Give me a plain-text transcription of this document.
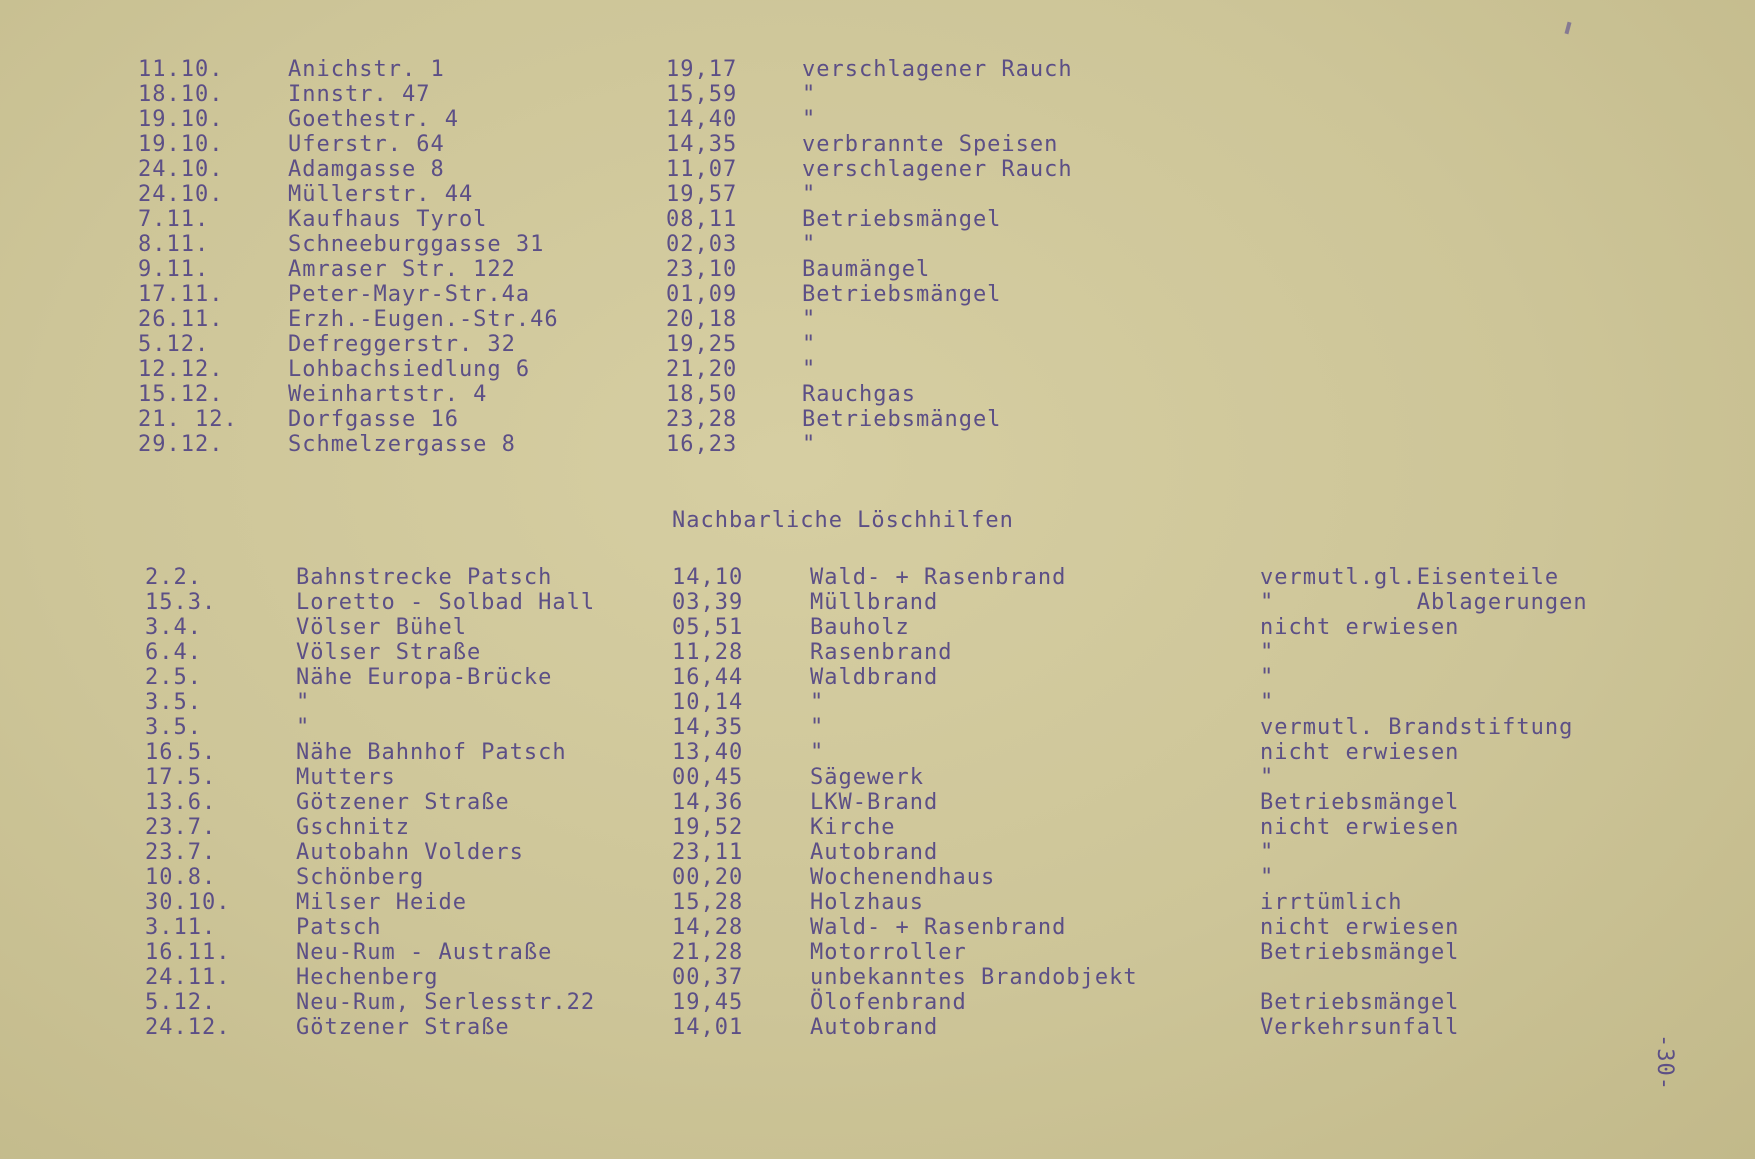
11.10.	Anichstr. 1	19,17	verschlagener Rauch
18.10.	Innstr. 47	15,59	"
19.10.	Goethestr. 4	14,40	"
19.10.	Uferstr. 64	14,35	verbrannte Speisen
24.10.	Adamgasse 8	11,07	verschlagener Rauch
24.10.	Müllerstr. 44	19,57	"
7.11.	Kaufhaus Tyrol	08,11	Betriebsmängel
8.11.	Schneeburggasse 31	02,03	"
9.11.	Amraser Str. 122	23,10	Baumängel
17.11.	Peter-Mayr-Str.4a	01,09	Betriebsmängel
26.11.	Erzh.-Eugen.-Str.46	20,18	"
5.12.	Defreggerstr. 32	19,25	"
12.12.	Lohbachsiedlung 6	21,20	"
15.12.	Weinhartstr. 4	18,50	Rauchgas
21. 12. Dorfgasse 16	23,28	Betriebsmängel
29.12.	Schmelzergasse 8	16,23	"
Nachbarliche Löschhilfen
2.2.	Bahnstrecke Patsch	14,10	Wald- + Rasenbrand	vermutl.gl.Eisenteile
15.3.	Loretto - Solbad Hall	03,39	Müllbrand	"          Ablagerungen
3.4.	Völser Bühel	05,51	Bauholz	nicht erwiesen
6.4.	Völser Straße	11,28	Rasenbrand	"
2.5.	Nähe Europa-Brücke	16,44	Waldbrand	"
3.5.	"	10,14	"	"
3.5.	"	14,35	"	vermutl. Brandstiftung
16.5.	Nähe Bahnhof Patsch	13,40	"	nicht erwiesen
17.5.	Mutters	00,45	Sägewerk	"
13.6.	Götzener Straße	14,36	LKW-Brand	Betriebsmängel
23.7.	Gschnitz	19,52	Kirche	nicht erwiesen
23.7.	Autobahn Volders	23,11	Autobrand	"
10.8.	Schönberg	00,20	Wochenendhaus	"
30.10.	Milser Heide	15,28	Holzhaus	irrtümlich
3.11.	Patsch	14,28	Wald- + Rasenbrand	nicht erwiesen
16.11.	Neu-Rum - Austraße	21,28	Motorroller	Betriebsmängel
24.11.	Hechenberg	00,37	unbekanntes Brandobjekt
5.12.	Neu-Rum, Serlesstr.22	19,45	Ölofenbrand	Betriebsmängel
24.12.	Götzener Straße	14,01	Autobrand	Verkehrsunfall
-30-
